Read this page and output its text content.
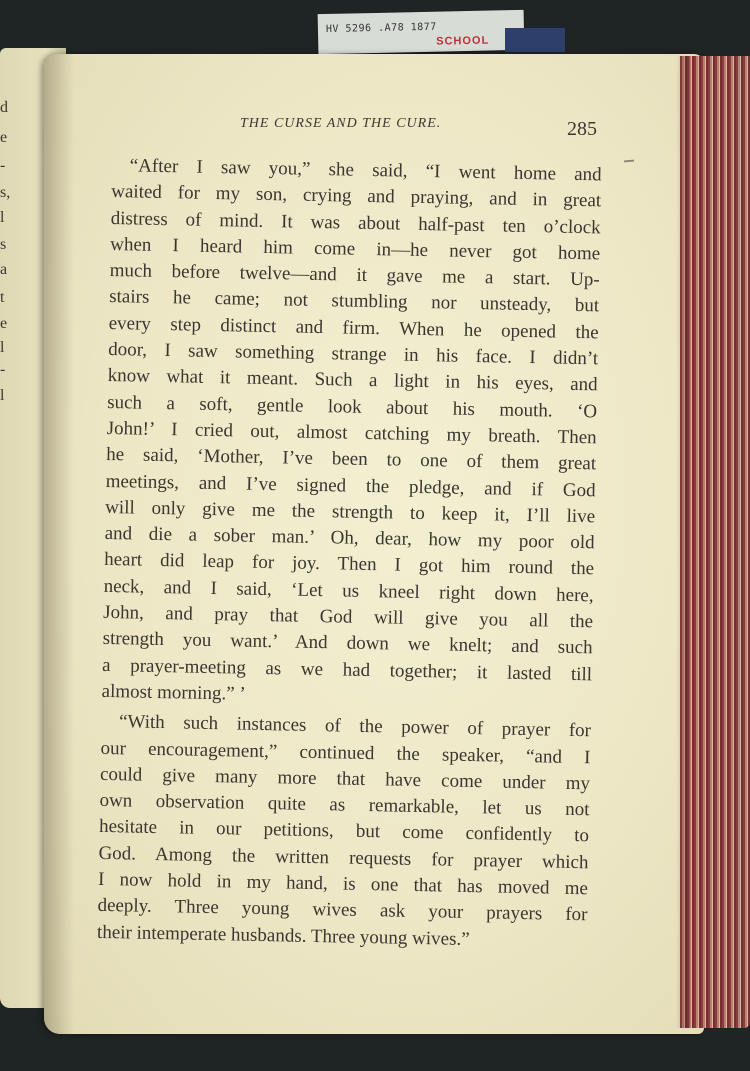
d
e
-
s,
l
s
a
t
e
l
-
l
HV 5296 .A78 1877
SCHOOL
THE CURSE AND THE CURE.	285
“After I saw you,” she said, “I went home and
waited for my son, crying and praying, and in great
distress of mind. It was about half-past ten o’clock
when I heard him come in—he never got home
much before twelve—and it gave me a start. Up-
stairs he came; not stumbling nor unsteady, but
every step distinct and firm. When he opened the
door, I saw something strange in his face. I didn’t
know what it meant. Such a light in his eyes, and
such a soft, gentle look about his mouth. ‘O
John!’ I cried out, almost catching my breath. Then
he said, ‘Mother, I’ve been to one of them great
meetings, and I’ve signed the pledge, and if God
will only give me the strength to keep it, I’ll live
and die a sober man.’ Oh, dear, how my poor old
heart did leap for joy. Then I got him round the
neck, and I said, ‘Let us kneel right down here,
John, and pray that God will give you all the
strength you want.’ And down we knelt; and such
a prayer-meeting as we had together; it lasted till
almost morning.” ’
“With such instances of the power of prayer for
our encouragement,” continued the speaker, “and I
could give many more that have come under my
own observation quite as remarkable, let us not
hesitate in our petitions, but come confidently to
God. Among the written requests for prayer which
I now hold in my hand, is one that has moved me
deeply. Three young wives ask your prayers for
their intemperate husbands. Three young wives.”
